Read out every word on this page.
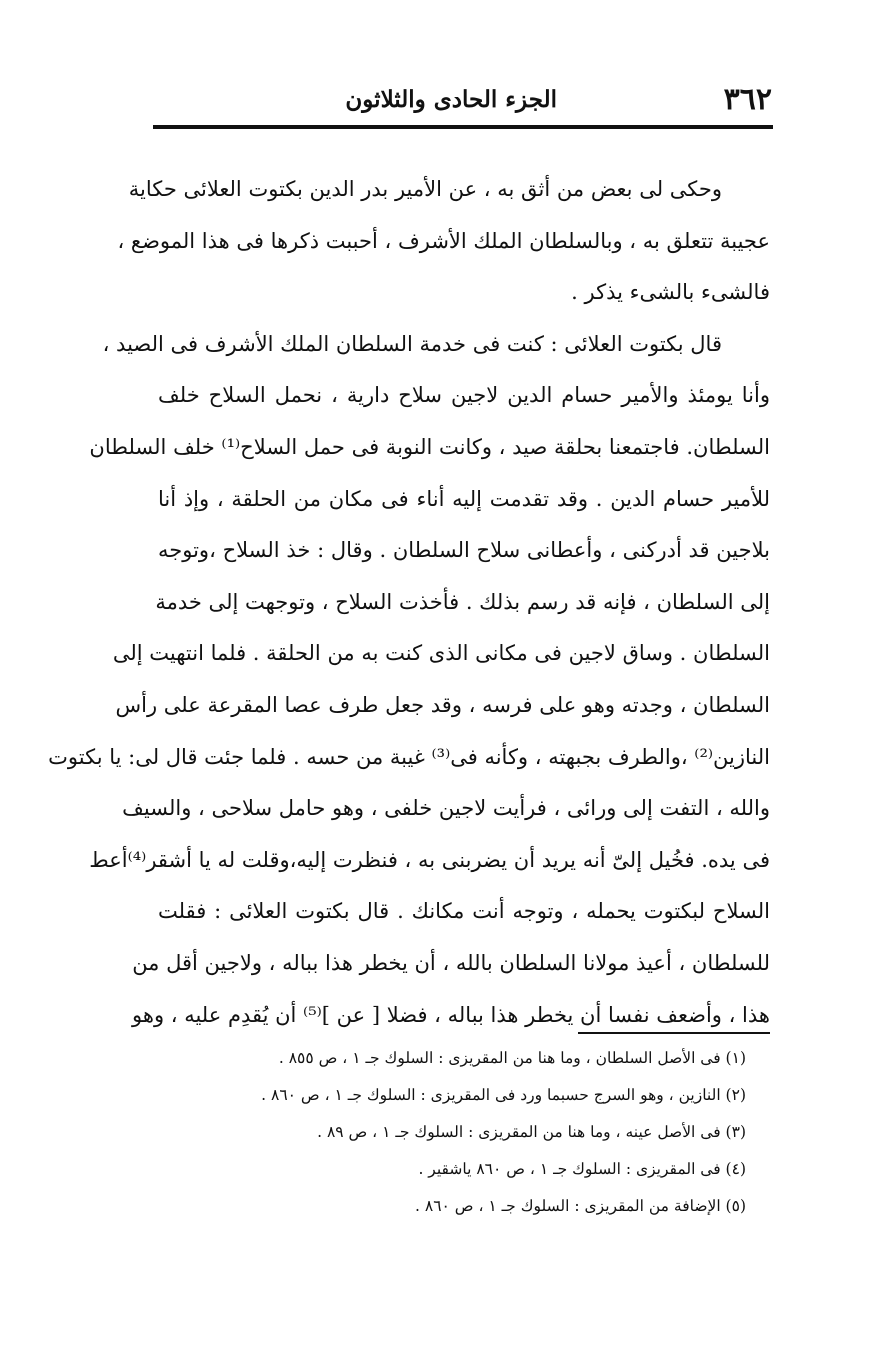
٣٦٢
الجزء الحادى والثلاثون

وحكى لى بعض من أثق به ، عن الأمير بدر الدين بكتوت العلائى حكاية
عجيبة تتعلق به ، وبالسلطان الملك الأشرف ، أحببت ذكرها فى هذا الموضع ،
فالشىء بالشىء يذكر .

قال بكتوت العلائى : كنت فى خدمة السلطان الملك الأشرف فى الصيد ،
وأنا يومئذ والأمير حسام الدين لاجين سلاح دارية ، نحمل السلاح خلف
السلطان. فاجتمعنا بحلقة صيد ، وكانت النوبة فى حمل السلاح⁽¹⁾ خلف السلطان
للأمير حسام الدين . وقد تقدمت إليه أناء فى مكان من الحلقة ، وإذ أنا
بلاجين قد أدركنى ، وأعطانى سلاح السلطان . وقال : خذ السلاح ،وتوجه
إلى السلطان ، فإنه قد رسم بذلك . فأخذت السلاح ، وتوجهت إلى خدمة
السلطان . وساق لاجين فى مكانى الذى كنت به من الحلقة . فلما انتهيت إلى
السلطان ، وجدته وهو على فرسه ، وقد جعل طرف عصا المقرعة على رأس
النازين⁽²⁾ ،والطرف بجبهته ، وكأنه فى⁽³⁾ غيبة من حسه . فلما جئت قال لى: يا بكتوت
والله ، التفت إلى ورائى ، فرأيت لاجين خلفى ، وهو حامل سلاحى ، والسيف
فى يده. فخُيل إلىّ أنه يريد أن يضربنى به ، فنظرت إليه،وقلت له يا أشقر⁽⁴⁾أعط
السلاح لبكتوت يحمله ، وتوجه أنت مكانك . قال بكتوت العلائى : فقلت
للسلطان ، أعيذ مولانا السلطان بالله ، أن يخطر هذا بباله ، ولاجين أقل من
هذا ، وأضعف نفسا أن يخطر هذا بباله ، فضلا [ عن ]⁽⁵⁾ أن يُقدِم عليه ، وهو

(١) فى الأصل السلطان ، وما هنا من المقريزى : السلوك جـ ١ ، ص ٨٥٥ .
(٢) النازين ، وهو السرج حسبما ورد فى المقريزى : السلوك جـ ١ ، ص ٨٦٠ .
(٣) فى الأصل عينه ، وما هنا من المقريزى : السلوك جـ ١ ، ص ٨٩ .
(٤) فى المقريزى : السلوك جـ ١ ، ص ٨٦٠ ياشقير .
(٥) الإضافة من المقريزى : السلوك جـ ١ ، ص ٨٦٠ .
